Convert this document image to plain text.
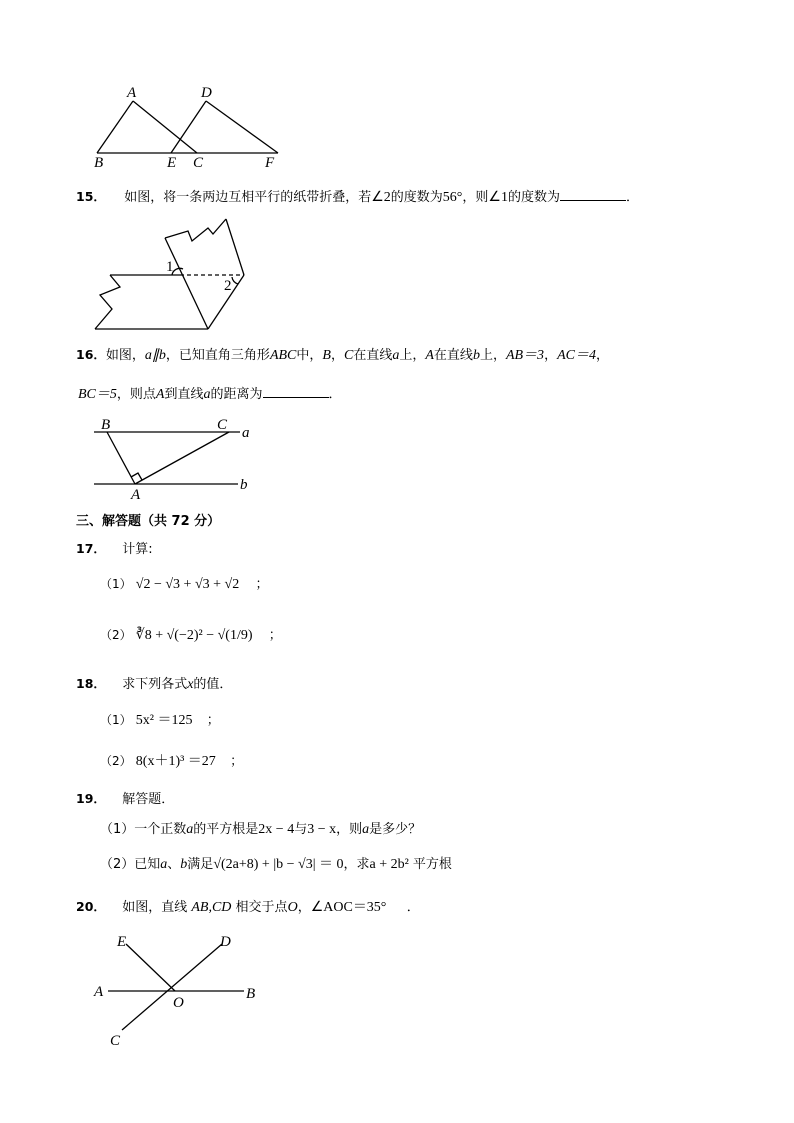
A	D
B	E C	F
15． 如图，将一条两边互相平行的纸带折叠，若∠2的度数为56°，则∠1的度数为	．
1
2
16．如图，a∥b，已知直角三角形ABC中，B，C在直线a上，A在直线b上，AB＝3，AC＝4，
BC＝5，则点A到直线a的距离为	．
B	C a
A
b
三、解答题（共 72 分）
17． 计算:
（1） √2 − √3 + √3 + √2 ；
（2） ∛8 + √(−2)² − √(1/9) ；
18． 求下列各式x的值．
（1） 5x² ＝125 ；
（2） 8(x＋1)³ ＝27 ；
19． 解答题．
（1）一个正数a的平方根是2x − 4与3 − x，则a是多少？
（2）已知a、b满足√(2a+8) + |b − √3| ＝ 0，求a + 2b² 平方根
20． 如图，直线 AB,CD 相交于点O，∠AOC＝35° ．
E	D
A
O
B
C
